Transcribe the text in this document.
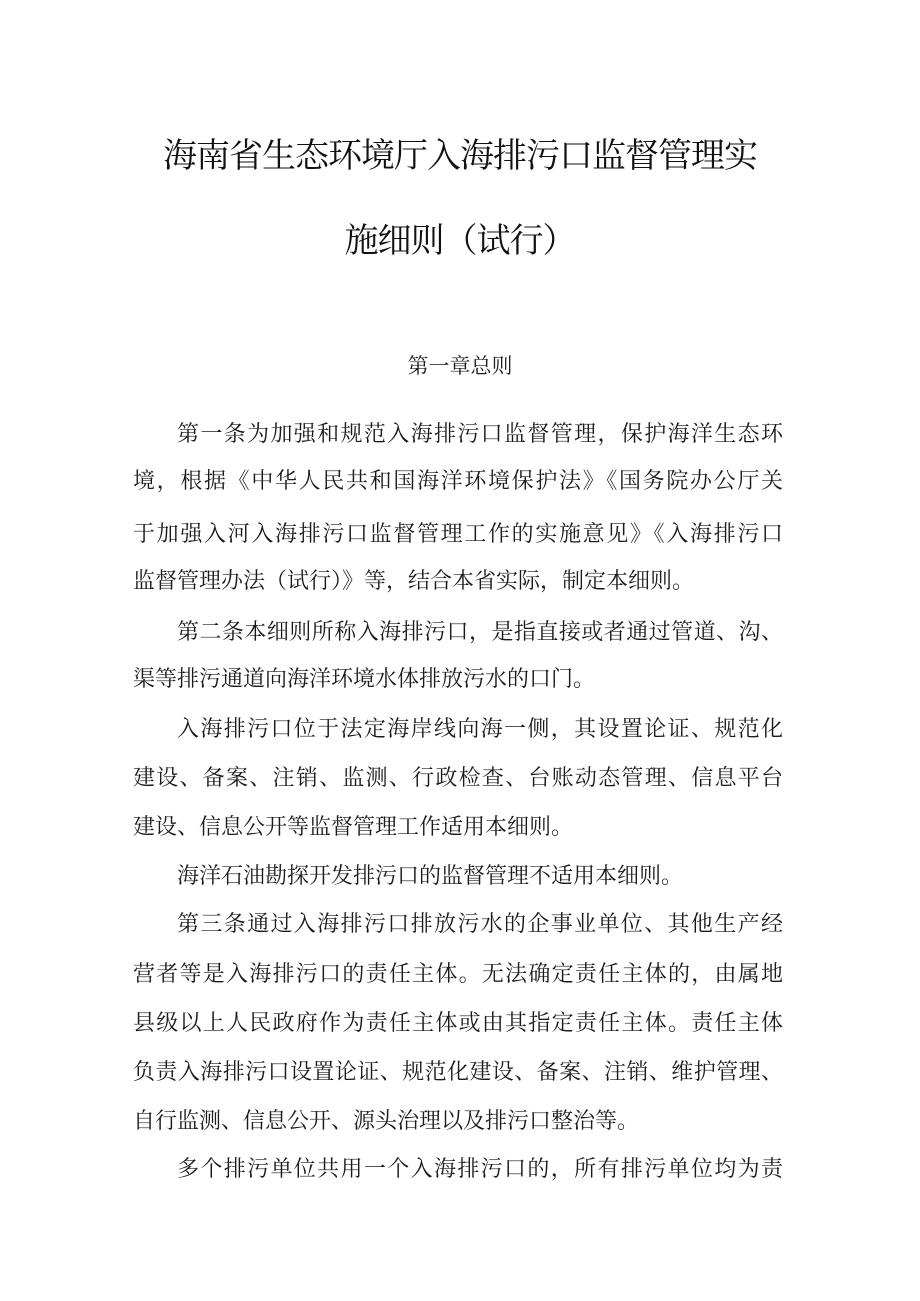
海南省生态环境厅入海排污口监督管理实
施细则（试行）
第一章总则
第一条为加强和规范入海排污口监督管理，保护海洋生态环
境，根据《中华人民共和国海洋环境保护法》《国务院办公厅关
于加强入河入海排污口监督管理工作的实施意见》《入海排污口
监督管理办法（试行）》等，结合本省实际，制定本细则。
第二条本细则所称入海排污口，是指直接或者通过管道、沟、
渠等排污通道向海洋环境水体排放污水的口门。
入海排污口位于法定海岸线向海一侧，其设置论证、规范化
建设、备案、注销、监测、行政检查、台账动态管理、信息平台
建设、信息公开等监督管理工作适用本细则。
海洋石油勘探开发排污口的监督管理不适用本细则。
第三条通过入海排污口排放污水的企事业单位、其他生产经
营者等是入海排污口的责任主体。无法确定责任主体的，由属地
县级以上人民政府作为责任主体或由其指定责任主体。责任主体
负责入海排污口设置论证、规范化建设、备案、注销、维护管理、
自行监测、信息公开、源头治理以及排污口整治等。
多个排污单位共用一个入海排污口的，所有排污单位均为责
